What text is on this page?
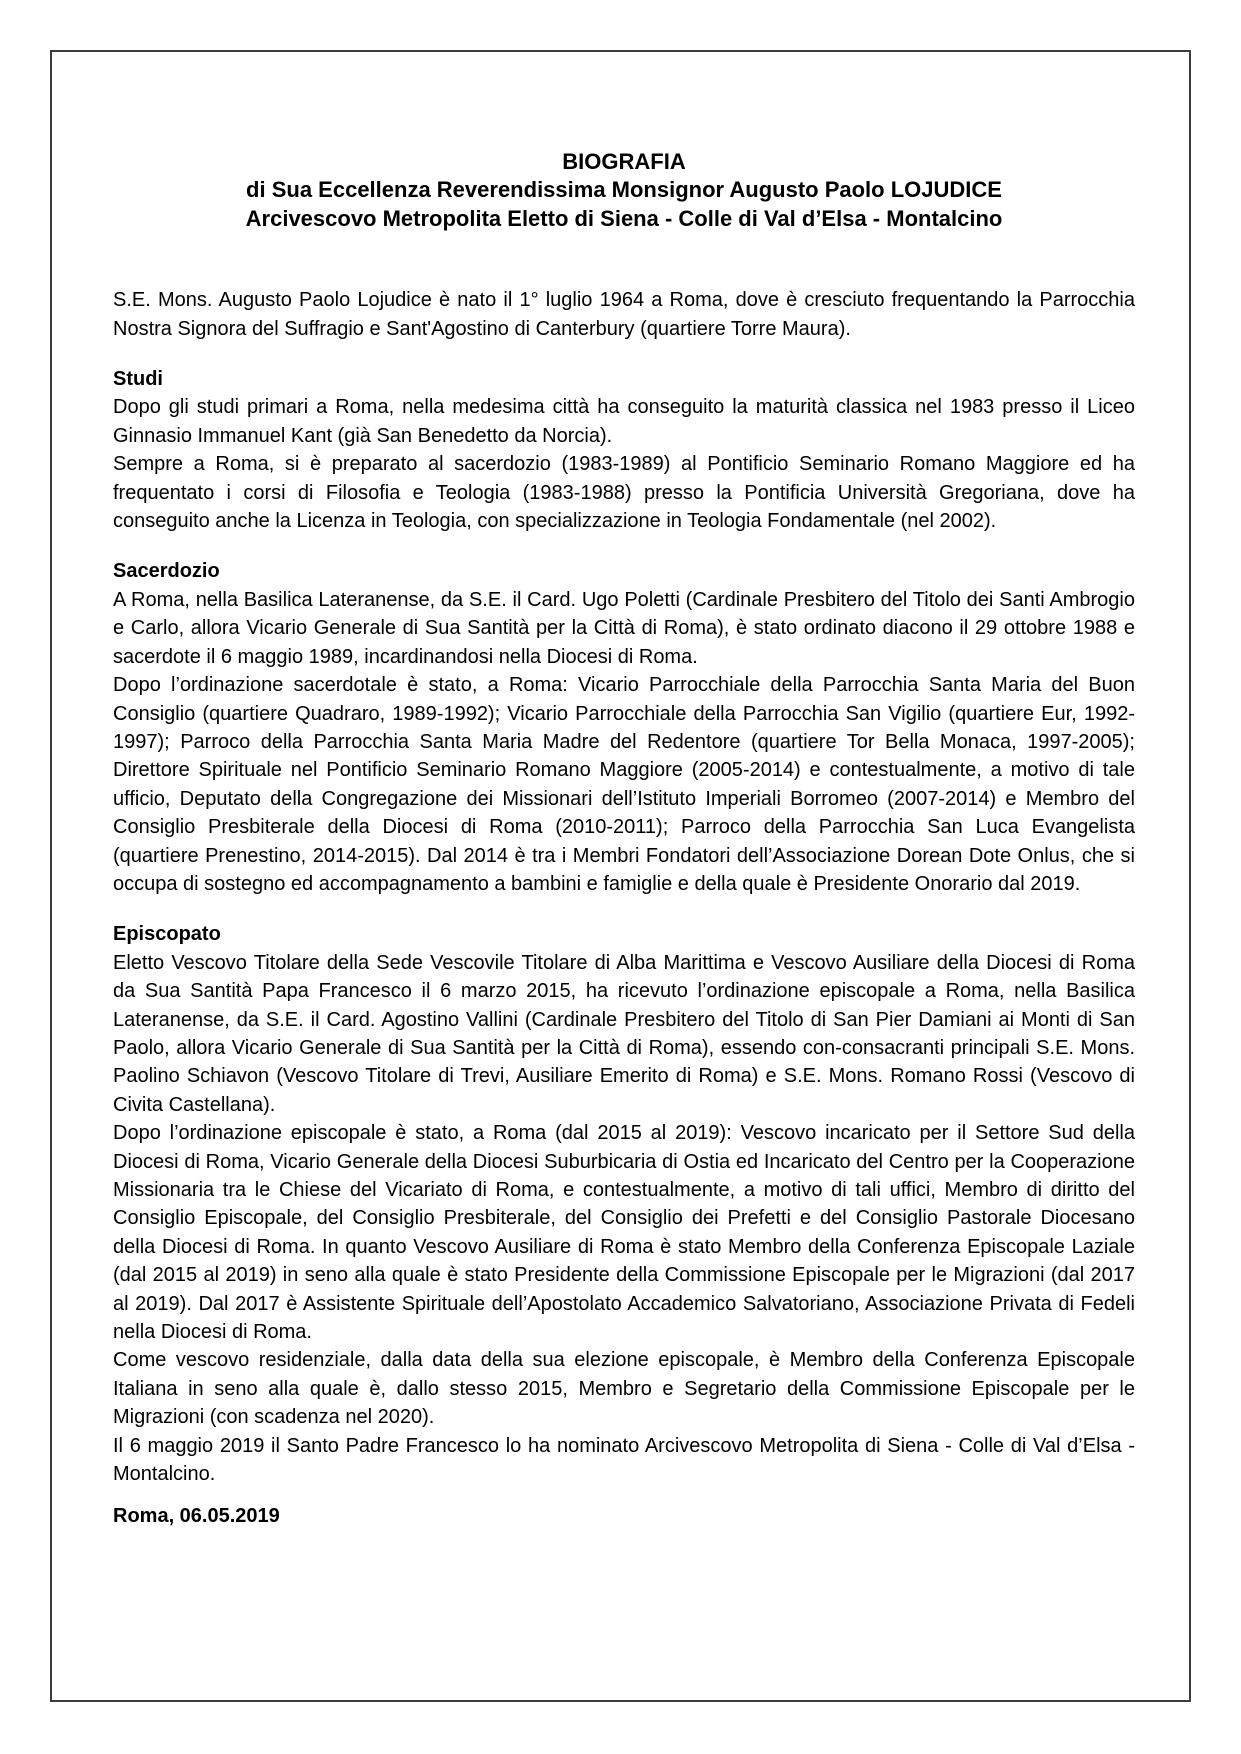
BIOGRAFIA
di Sua Eccellenza Reverendissima Monsignor Augusto Paolo LOJUDICE
Arcivescovo Metropolita Eletto di Siena - Colle di Val d’Elsa - Montalcino

S.E. Mons. Augusto Paolo Lojudice è nato il 1° luglio 1964 a Roma, dove è cresciuto frequentando la Parrocchia Nostra Signora del Suffragio e Sant'Agostino di Canterbury (quartiere Torre Maura).

Studi

Dopo gli studi primari a Roma, nella medesima città ha conseguito la maturità classica nel 1983 presso il Liceo Ginnasio Immanuel Kant (già San Benedetto da Norcia).

Sempre a Roma, si è preparato al sacerdozio (1983-1989) al Pontificio Seminario Romano Maggiore ed ha frequentato i corsi di Filosofia e Teologia (1983-1988) presso la Pontificia Università Gregoriana, dove ha conseguito anche la Licenza in Teologia, con specializzazione in Teologia Fondamentale (nel 2002).

Sacerdozio

A Roma, nella Basilica Lateranense, da S.E. il Card. Ugo Poletti (Cardinale Presbitero del Titolo dei Santi Ambrogio e Carlo, allora Vicario Generale di Sua Santità per la Città di Roma), è stato ordinato diacono il 29 ottobre 1988 e sacerdote il 6 maggio 1989, incardinandosi nella Diocesi di Roma.

Dopo l’ordinazione sacerdotale è stato, a Roma: Vicario Parrocchiale della Parrocchia Santa Maria del Buon Consiglio (quartiere Quadraro, 1989-1992); Vicario Parrocchiale della Parrocchia San Vigilio (quartiere Eur, 1992-1997); Parroco della Parrocchia Santa Maria Madre del Redentore (quartiere Tor Bella Monaca, 1997-2005); Direttore Spirituale nel Pontificio Seminario Romano Maggiore (2005-2014) e contestualmente, a motivo di tale ufficio, Deputato della Congregazione dei Missionari dell’Istituto Imperiali Borromeo (2007-2014) e Membro del Consiglio Presbiterale della Diocesi di Roma (2010-2011); Parroco della Parrocchia San Luca Evangelista (quartiere Prenestino, 2014-2015). Dal 2014 è tra i Membri Fondatori dell’Associazione Dorean Dote Onlus, che si occupa di sostegno ed accompagnamento a bambini e famiglie e della quale è Presidente Onorario dal 2019.

Episcopato

Eletto Vescovo Titolare della Sede Vescovile Titolare di Alba Marittima e Vescovo Ausiliare della Diocesi di Roma da Sua Santità Papa Francesco il 6 marzo 2015, ha ricevuto l’ordinazione episcopale a Roma, nella Basilica Lateranense, da S.E. il Card. Agostino Vallini (Cardinale Presbitero del Titolo di San Pier Damiani ai Monti di San Paolo, allora Vicario Generale di Sua Santità per la Città di Roma), essendo con-consacranti principali S.E. Mons. Paolino Schiavon (Vescovo Titolare di Trevi, Ausiliare Emerito di Roma) e S.E. Mons. Romano Rossi (Vescovo di Civita Castellana).

Dopo l’ordinazione episcopale è stato, a Roma (dal 2015 al 2019): Vescovo incaricato per il Settore Sud della Diocesi di Roma, Vicario Generale della Diocesi Suburbicaria di Ostia ed Incaricato del Centro per la Cooperazione Missionaria tra le Chiese del Vicariato di Roma, e contestualmente, a motivo di tali uffici, Membro di diritto del Consiglio Episcopale, del Consiglio Presbiterale, del Consiglio dei Prefetti e del Consiglio Pastorale Diocesano della Diocesi di Roma. In quanto Vescovo Ausiliare di Roma è stato Membro della Conferenza Episcopale Laziale (dal 2015 al 2019) in seno alla quale è stato Presidente della Commissione Episcopale per le Migrazioni (dal 2017 al 2019). Dal 2017 è Assistente Spirituale dell’Apostolato Accademico Salvatoriano, Associazione Privata di Fedeli nella Diocesi di Roma.

Come vescovo residenziale, dalla data della sua elezione episcopale, è Membro della Conferenza Episcopale Italiana in seno alla quale è, dallo stesso 2015, Membro e Segretario della Commissione Episcopale per le Migrazioni (con scadenza nel 2020).

Il 6 maggio 2019 il Santo Padre Francesco lo ha nominato Arcivescovo Metropolita di Siena - Colle di Val d’Elsa - Montalcino.

Roma, 06.05.2019
